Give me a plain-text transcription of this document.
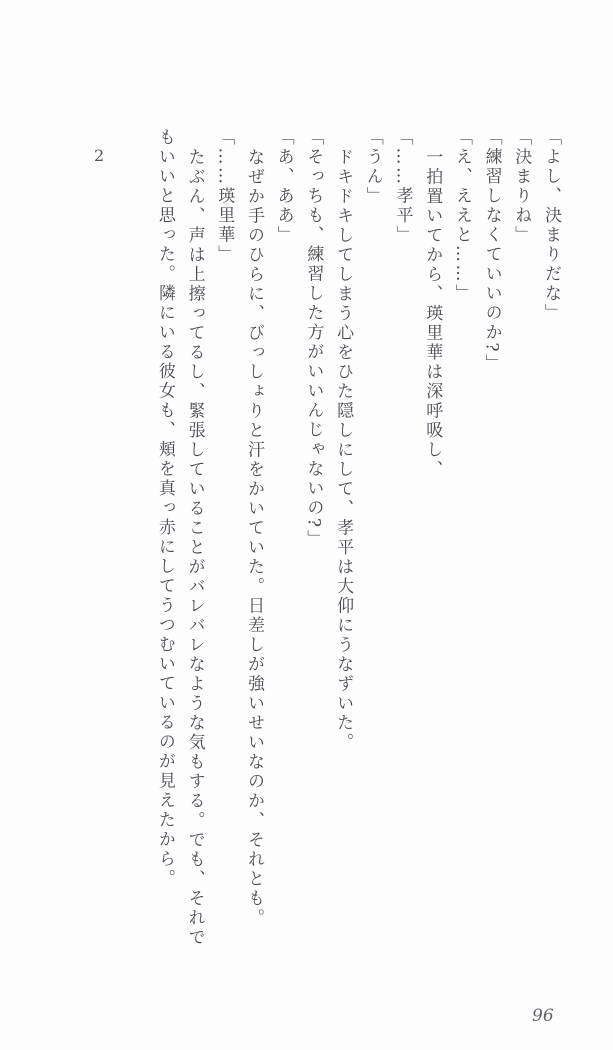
2	「よし、決まりだな」

「決まりね」

「練習しなくていいのか?」

「え、ええと……」

一拍置いてから、瑛里華は深呼吸し、

「……孝平」

「うん」

ドキドキしてしまう心をひた隠しにして、孝平は大仰にうなずいた。

「そっちも、練習した方がいいんじゃないの?」

「あ、ああ」

なぜか手のひらに、びっしょりと汗をかいていた。日差しが強いせいなのか、それとも。

「……瑛里華」

たぶん、声は上擦ってるし、緊張していることがバレバレなような気もする。でも、それで

もいいと思った。隣にいる彼女も、頬を真っ赤にしてうつむいているのが見えたから。

96
